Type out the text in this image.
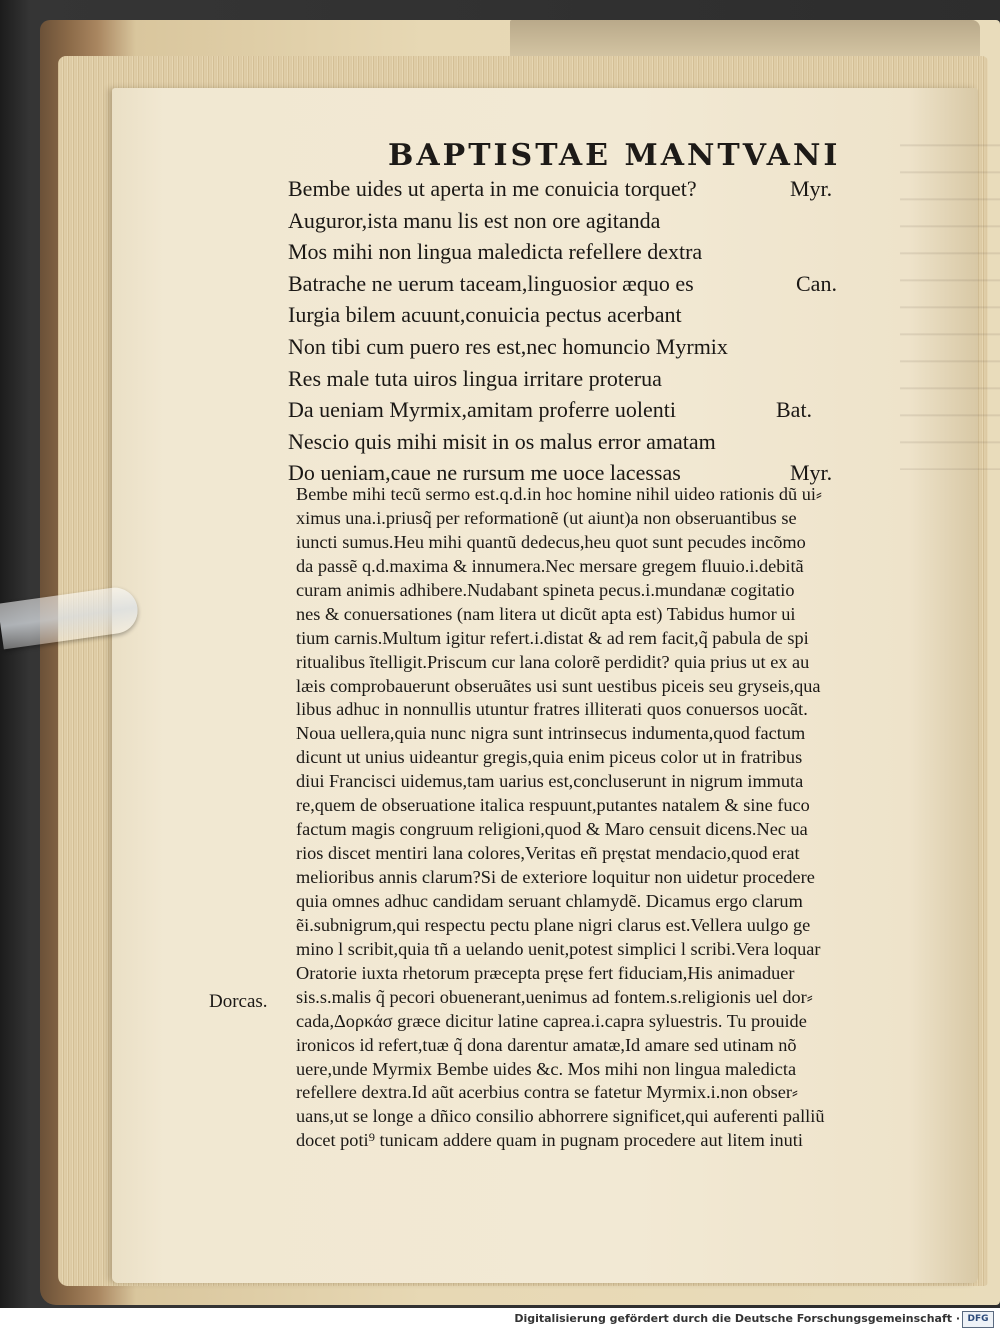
BAPTISTAE MANTVANI
Bembe uides ut aperta in me conuicia torquet?	Myr.
Auguror,ista manu lis est non ore agitanda
Mos mihi non lingua maledicta refellere dextra
Batrache ne uerum taceam,linguosior æquo es	Can.
Iurgia bilem acuunt,conuicia pectus acerbant
Non tibi cum puero res est,nec homuncio Myrmix
Res male tuta uiros lingua irritare proterua
Da ueniam Myrmix,amitam proferre uolenti	Bat.
Nescio quis mihi misit in os malus error amatam
Do ueniam,caue ne rursum me uoce lacessas	Myr.
Bembe mihi tecũ sermo est.q.d.in hoc homine nihil uideo rationis dũ ui⸗
ximus una.i.priusq̃ per reformationẽ (ut aiunt)a non obseruantibus se
iuncti sumus.Heu mihi quantũ dedecus,heu quot sunt pecudes incõmo
da passẽ q.d.maxima & innumera.Nec mersare gregem fluuio.i.debitã
curam animis adhibere.Nudabant spineta pecus.i.mundanæ cogitatio
nes & conuersationes (nam litera ut dicũt apta est) Tabidus humor ui
tium carnis.Multum igitur refert.i.distat & ad rem facit,q̃ pabula de spi
ritualibus ĩtelligit.Priscum cur lana colorẽ perdidit? quia prius ut ex au
læis comprobauerunt obseruãtes usi sunt uestibus piceis seu gryseis,qua
libus adhuc in nonnullis utuntur fratres illiterati quos conuersos uocãt.
Noua uellera,quia nunc nigra sunt intrinsecus indumenta,quod factum
dicunt ut unius uideantur gregis,quia enim piceus color ut in fratribus
diui Francisci uidemus,tam uarius est,concluserunt in nigrum immuta
re,quem de obseruatione italica respuunt,putantes natalem & sine fuco
factum magis congruum religioni,quod & Maro censuit dicens.Nec ua
rios discet mentiri lana colores,Veritas eñ pręstat mendacio,quod erat
melioribus annis clarum?Si de exteriore loquitur non uidetur procedere
quia omnes adhuc candidam seruant chlamydẽ. Dicamus ergo clarum
ẽi.subnigrum,qui respectu pectu plane nigri clarus est.Vellera uulgo ge
mino l scribit,quia tñ a uelando uenit,potest simplici l scribi.Vera loquar
Oratorie iuxta rhetorum præcepta pręse fert fiduciam,His animaduer
sis.s.malis q̃ pecori obuenerant,uenimus ad fontem.s.religionis uel dor⸗
cada,Δορκάσ græce dicitur latine caprea.i.capra syluestris. Tu prouide
ironicos id refert,tuæ q̃ dona darentur amatæ,Id amare sed utinam nõ
uere,unde Myrmix Bembe uides &c. Mos mihi non lingua maledicta
refellere dextra.Id aũt acerbius contra se fatetur Myrmix.i.non obser⸗
uans,ut se longe a dñico consilio abhorrere significet,qui auferenti palliũ
docet poti⁹ tunicam addere quam in pugnam procedere aut litem inuti
Dorcas.
Digitalisierung gefördert durch die Deutsche Forschungsgemeinschaft · DFG
